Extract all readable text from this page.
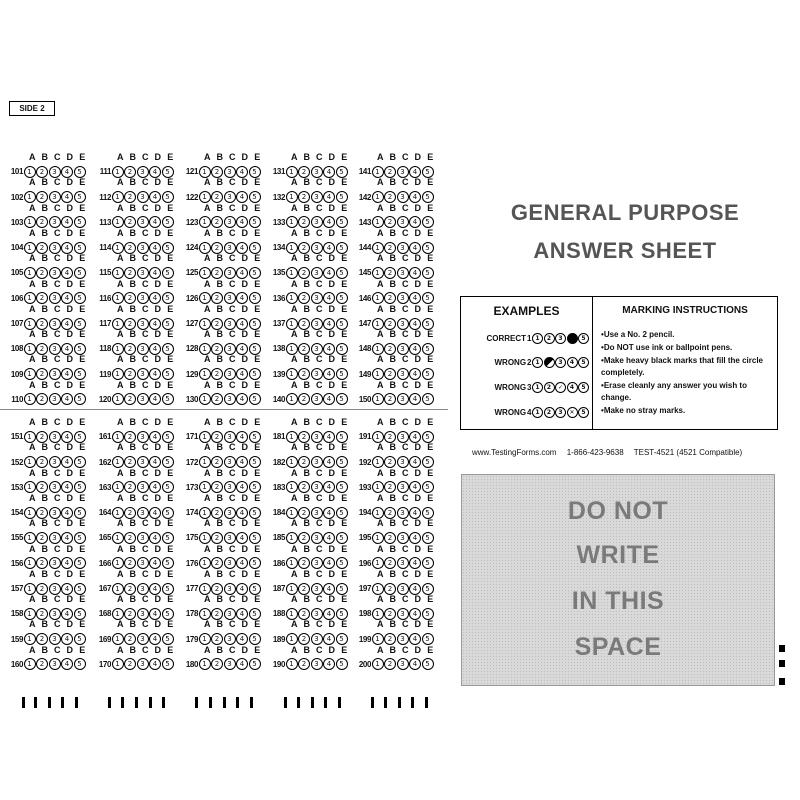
SIDE 2
A B C D E
101 1 2 3 4 5
A B C D E
102 1 2 3 4 5
A B C D E
103 1 2 3 4 5
A B C D E
104 1 2 3 4 5
A B C D E
105 1 2 3 4 5
A B C D E
106 1 2 3 4 5
A B C D E
107 1 2 3 4 5
A B C D E
108 1 2 3 4 5
A B C D E
109 1 2 3 4 5
A B C D E
110 1 2 3 4 5
A B C D E
111 1 2 3 4 5
A B C D E
112 1 2 3 4 5
A B C D E
113 1 2 3 4 5
A B C D E
114 1 2 3 4 5
A B C D E
115 1 2 3 4 5
A B C D E
116 1 2 3 4 5
A B C D E
117 1 2 3 4 5
A B C D E
118 1 2 3 4 5
A B C D E
119 1 2 3 4 5
A B C D E
120 1 2 3 4 5
A B C D E
121 1 2 3 4 5
A B C D E
122 1 2 3 4 5
A B C D E
123 1 2 3 4 5
A B C D E
124 1 2 3 4 5
A B C D E
125 1 2 3 4 5
A B C D E
126 1 2 3 4 5
A B C D E
127 1 2 3 4 5
A B C D E
128 1 2 3 4 5
A B C D E
129 1 2 3 4 5
A B C D E
130 1 2 3 4 5
A B C D E
131 1 2 3 4 5
A B C D E
132 1 2 3 4 5
A B C D E
133 1 2 3 4 5
A B C D E
134 1 2 3 4 5
A B C D E
135 1 2 3 4 5
A B C D E
136 1 2 3 4 5
A B C D E
137 1 2 3 4 5
A B C D E
138 1 2 3 4 5
A B C D E
139 1 2 3 4 5
A B C D E
140 1 2 3 4 5
A B C D E
141 1 2 3 4 5
A B C D E
142 1 2 3 4 5
A B C D E
143 1 2 3 4 5
A B C D E
144 1 2 3 4 5
A B C D E
145 1 2 3 4 5
A B C D E
146 1 2 3 4 5
A B C D E
147 1 2 3 4 5
A B C D E
148 1 2 3 4 5
A B C D E
149 1 2 3 4 5
A B C D E
150 1 2 3 4 5
A B C D E
151 1 2 3 4 5
A B C D E
152 1 2 3 4 5
A B C D E
153 1 2 3 4 5
A B C D E
154 1 2 3 4 5
A B C D E
155 1 2 3 4 5
A B C D E
156 1 2 3 4 5
A B C D E
157 1 2 3 4 5
A B C D E
158 1 2 3 4 5
A B C D E
159 1 2 3 4 5
A B C D E
160 1 2 3 4 5
A B C D E
161 1 2 3 4 5
A B C D E
162 1 2 3 4 5
A B C D E
163 1 2 3 4 5
A B C D E
164 1 2 3 4 5
A B C D E
165 1 2 3 4 5
A B C D E
166 1 2 3 4 5
A B C D E
167 1 2 3 4 5
A B C D E
168 1 2 3 4 5
A B C D E
169 1 2 3 4 5
A B C D E
170 1 2 3 4 5
A B C D E
171 1 2 3 4 5
A B C D E
172 1 2 3 4 5
A B C D E
173 1 2 3 4 5
A B C D E
174 1 2 3 4 5
A B C D E
175 1 2 3 4 5
A B C D E
176 1 2 3 4 5
A B C D E
177 1 2 3 4 5
A B C D E
178 1 2 3 4 5
A B C D E
179 1 2 3 4 5
A B C D E
180 1 2 3 4 5
A B C D E
181 1 2 3 4 5
A B C D E
182 1 2 3 4 5
A B C D E
183 1 2 3 4 5
A B C D E
184 1 2 3 4 5
A B C D E
185 1 2 3 4 5
A B C D E
186 1 2 3 4 5
A B C D E
187 1 2 3 4 5
A B C D E
188 1 2 3 4 5
A B C D E
189 1 2 3 4 5
A B C D E
190 1 2 3 4 5
A B C D E
191 1 2 3 4 5
A B C D E
192 1 2 3 4 5
A B C D E
193 1 2 3 4 5
A B C D E
194 1 2 3 4 5
A B C D E
195 1 2 3 4 5
A B C D E
196 1 2 3 4 5
A B C D E
197 1 2 3 4 5
A B C D E
198 1 2 3 4 5
A B C D E
199 1 2 3 4 5
A B C D E
200 1 2 3 4 5
GENERAL PURPOSE
ANSWER SHEET
EXAMPLES	MARKING INSTRUCTIONS
CORRECT1 1 2 3	5
WRONG2 1	3 4 5
WRONG3 1 2 ✓ 4 5
WRONG4 1 2 3 ✕ 5
• Use a No. 2 pencil.
• Do NOT use ink or ballpoint pens.
• Make heavy black marks that fill the circle completely.
• Erase cleanly any answer you wish to change.
• Make no stray marks.
www.TestingForms.com 1-866-423-9638 TEST-4521 (4521 Compatible)
DO NOT
WRITE
IN THIS
SPACE
